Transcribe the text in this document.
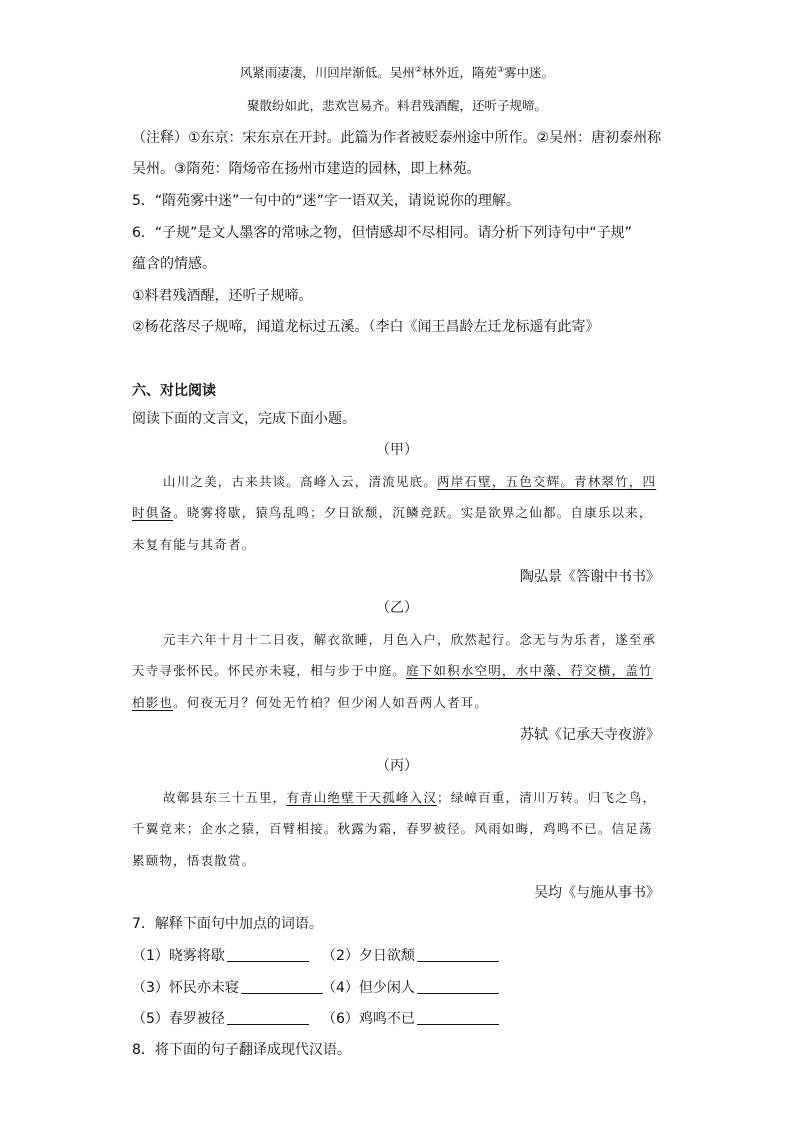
风紧雨凄凄，川回岸渐低。吴州②林外近，隋苑③雾中迷。
聚散纷如此，悲欢岂易齐。料君残酒醒，还听子规啼。
（注释）①东京：宋东京在开封。此篇为作者被贬泰州途中所作。②吴州：唐初泰州称
吴州。③隋苑：隋炀帝在扬州市建造的园林，即上林苑。
5．“隋苑雾中迷”一句中的“迷”字一语双关，请说说你的理解。
6．“子规”是文人墨客的常咏之物，但情感却不尽相同。请分析下列诗句中“子规”
蕴含的情感。
①料君残酒醒，还听子规啼。
②杨花落尽子规啼，闻道龙标过五溪。（李白《闻王昌龄左迁龙标遥有此寄》
六、对比阅读
阅读下面的文言文，完成下面小题。
（甲）
山川之美，古来共谈。高峰入云，清流见底。两岸石壁，五色交辉。青林翠竹，四
时俱备。晓雾将歇，猿鸟乱鸣；夕日欲颓，沉鳞竞跃。实是欲界之仙都。自康乐以来，
未复有能与其奇者。
陶弘景《答谢中书书》
（乙）
元丰六年十月十二日夜，解衣欲睡，月色入户，欣然起行。念无与为乐者，遂至承
天寺寻张怀民。怀民亦未寝，相与步于中庭。庭下如积水空明，水中藻、荇交横，盖竹
柏影也。何夜无月？何处无竹柏？但少闲人如吾两人者耳。
苏轼《记承天寺夜游》
（丙）
故鄣县东三十五里，有青山绝壁干天孤峰入汉；绿嶂百重，清川万转。归飞之鸟，
千翼竞来；企水之猿，百臂相接。秋露为霜，春罗被径。风雨如晦，鸡鸣不已。信足荡
累颐物，悟衷散赏。
吴均《与施从事书》
7．解释下面句中加点的词语。
（1）晓雾将歇	（2）夕日欲颓
（3）怀民亦未寝	（4）但少闲人
（5）春罗被径	（6）鸡鸣不已
8．将下面的句子翻译成现代汉语。
